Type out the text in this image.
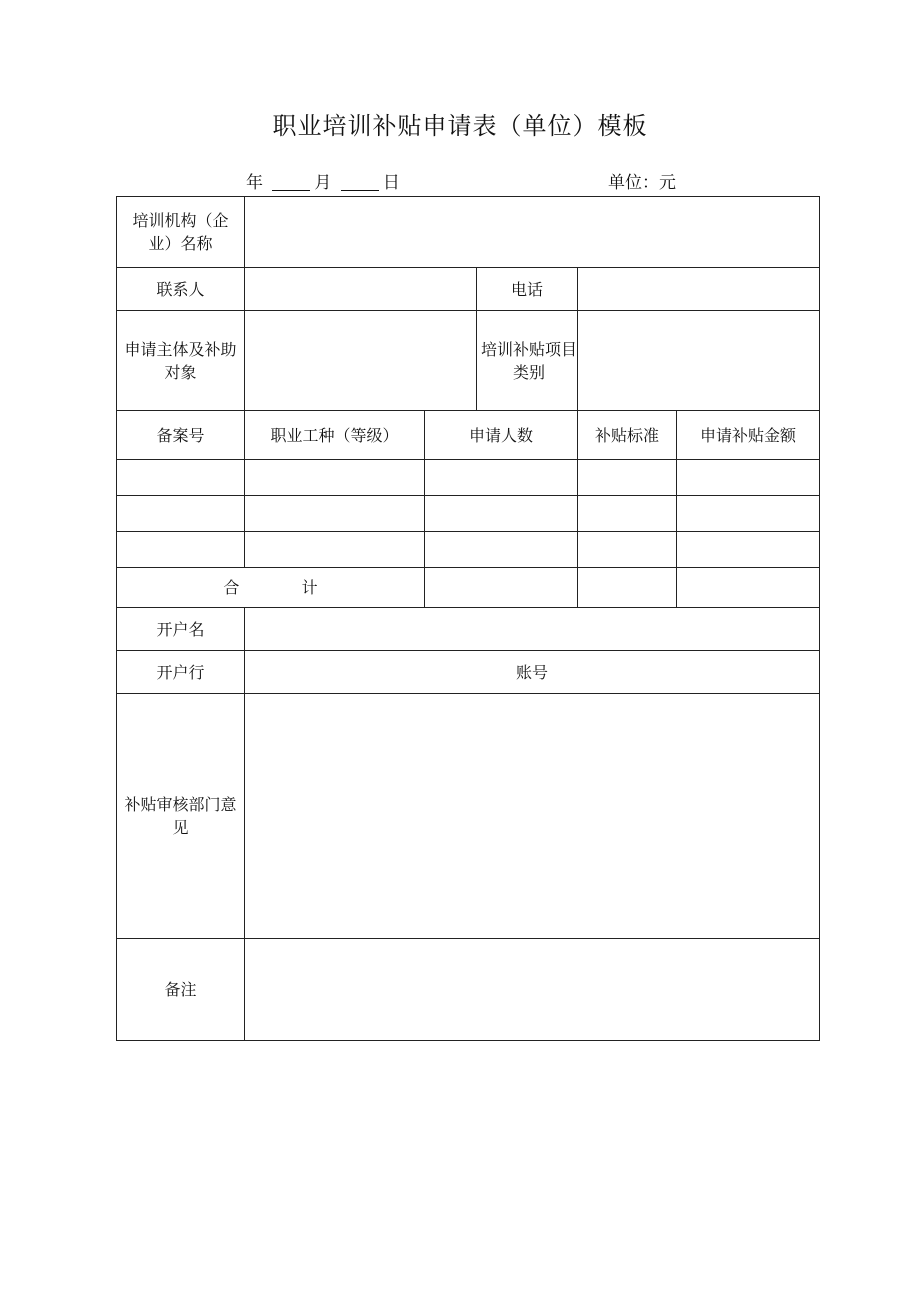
职业培训补贴申请表（单位）模板
年	月	日	单位：元
培训机构（企业）名称					
联系人			电话		
申请主体及补助对象			培训补贴项目类别		
备案号	职业工种（等级）	申请人数		补贴标准	申请补贴金额

合 计					
开户名					
开户行	账号				
补贴审核部门意见					
备注					
